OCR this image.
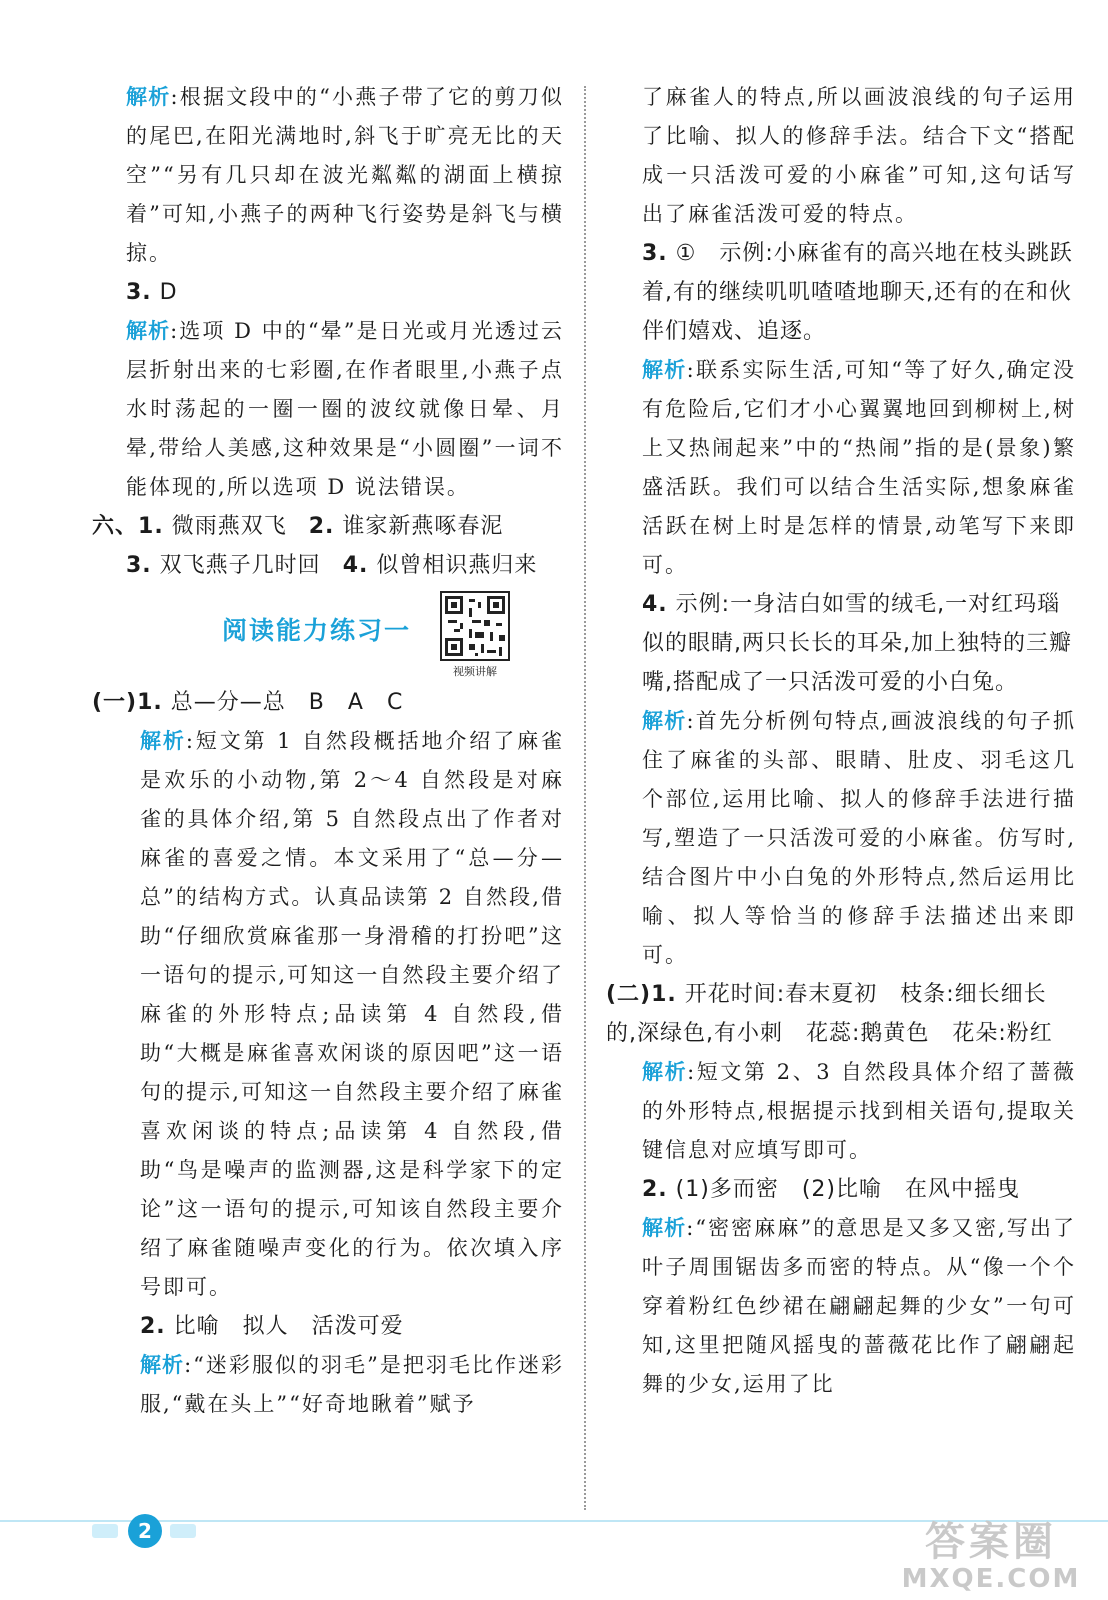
解析:根据文段中的“小燕子带了它的剪刀似的尾巴,在阳光满地时,斜飞于旷亮无比的天空”“另有几只却在波光粼粼的湖面上横掠着”可知,小燕子的两种飞行姿势是斜飞与横掠。

3. D

解析:选项 D 中的“晕”是日光或月光透过云层折射出来的七彩圈,在作者眼里,小燕子点水时荡起的一圈一圈的波纹就像日晕、月晕,带给人美感,这种效果是“小圆圈”一词不能体现的,所以选项 D 说法错误。

六、1. 微雨燕双飞 2. 谁家新燕啄春泥

3. 双飞燕子几时回 4. 似曾相识燕归来

阅读能力练习一
视频讲解

(一)1. 总—分—总　B　A　C

解析:短文第 1 自然段概括地介绍了麻雀是欢乐的小动物,第 2～4 自然段是对麻雀的具体介绍,第 5 自然段点出了作者对麻雀的喜爱之情。本文采用了“总—分—总”的结构方式。认真品读第 2 自然段,借助“仔细欣赏麻雀那一身滑稽的打扮吧”这一语句的提示,可知这一自然段主要介绍了麻雀的外形特点;品读第 4 自然段,借助“大概是麻雀喜欢闲谈的原因吧”这一语句的提示,可知这一自然段主要介绍了麻雀喜欢闲谈的特点;品读第 4 自然段,借助“鸟是噪声的监测器,这是科学家下的定论”这一语句的提示,可知该自然段主要介绍了麻雀随噪声变化的行为。依次填入序号即可。

2. 比喻　拟人　活泼可爱

解析:“迷彩服似的羽毛”是把羽毛比作迷彩服,“戴在头上”“好奇地瞅着”赋予

了麻雀人的特点,所以画波浪线的句子运用了比喻、拟人的修辞手法。结合下文“搭配成一只活泼可爱的小麻雀”可知,这句话写出了麻雀活泼可爱的特点。

3. ①　示例:小麻雀有的高兴地在枝头跳跃着,有的继续叽叽喳喳地聊天,还有的在和伙伴们嬉戏、追逐。

解析:联系实际生活,可知“等了好久,确定没有危险后,它们才小心翼翼地回到柳树上,树上又热闹起来”中的“热闹”指的是(景象)繁盛活跃。我们可以结合生活实际,想象麻雀活跃在树上时是怎样的情景,动笔写下来即可。

4. 示例:一身洁白如雪的绒毛,一对红玛瑙似的眼睛,两只长长的耳朵,加上独特的三瓣嘴,搭配成了一只活泼可爱的小白兔。

解析:首先分析例句特点,画波浪线的句子抓住了麻雀的头部、眼睛、肚皮、羽毛这几个部位,运用比喻、拟人的修辞手法进行描写,塑造了一只活泼可爱的小麻雀。仿写时,结合图片中小白兔的外形特点,然后运用比喻、拟人等恰当的修辞手法描述出来即可。

(二)1. 开花时间:春末夏初　枝条:细长细长的,深绿色,有小刺　花蕊:鹅黄色　花朵:粉红

解析:短文第 2、3 自然段具体介绍了蔷薇的外形特点,根据提示找到相关语句,提取关键信息对应填写即可。

2. (1)多而密　(2)比喻　在风中摇曳

解析:“密密麻麻”的意思是又多又密,写出了叶子周围锯齿多而密的特点。从“像一个个穿着粉红色纱裙在翩翩起舞的少女”一句可知,这里把随风摇曳的蔷薇花比作了翩翩起舞的少女,运用了比

2	答案圈
MXQE.COM
